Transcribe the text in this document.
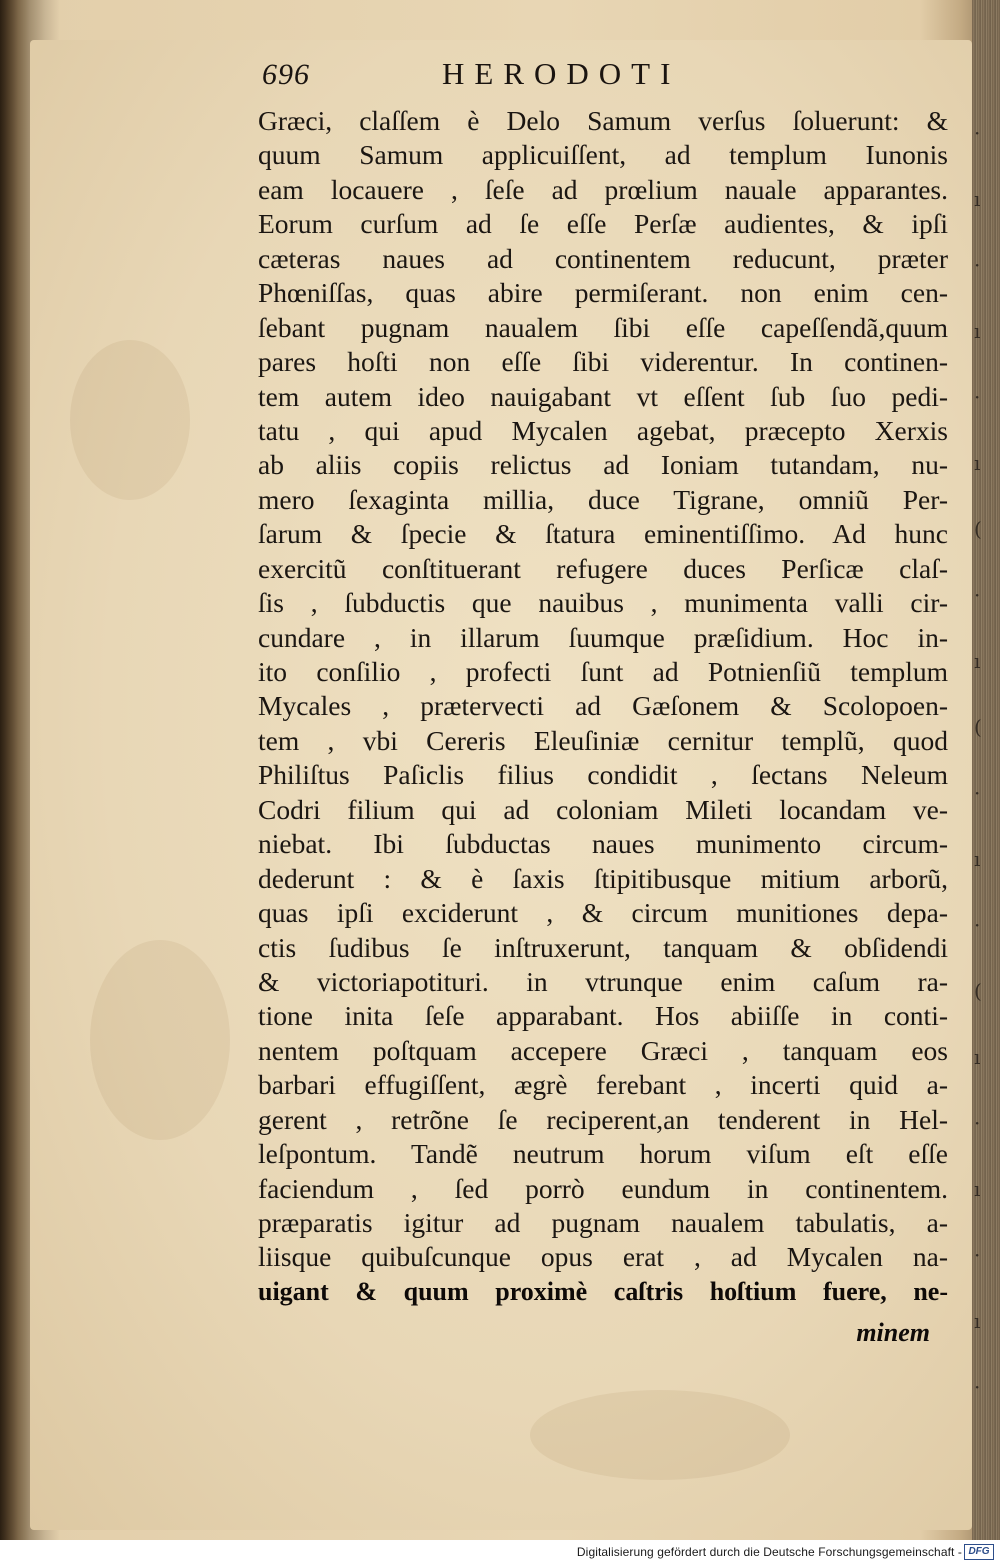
696	HERODOTI
Græci, claſſem è Delo Samum verſus ſoluerunt: &
quum Samum applicuiſſent, ad templum Iunonis
eam locauere , ſeſe ad prœlium nauale apparantes.
Eorum curſum ad ſe eſſe Perſæ audientes, & ipſi
cæteras naues ad continentem reducunt, præter
Phœniſſas, quas abire permiſerant. non enim cen-
ſebant pugnam naualem ſibi eſſe capeſſendã,quum
pares hoſti non eſſe ſibi viderentur. In continen-
tem autem ideo nauigabant vt eſſent ſub ſuo pedi-
tatu , qui apud Mycalen agebat, præcepto Xerxis
ab aliis copiis relictus ad Ioniam tutandam, nu-
mero ſexaginta millia, duce Tigrane, omniũ Per-
ſarum & ſpecie & ſtatura eminentiſſimo. Ad hunc
exercitũ conſtituerant refugere duces Perſicæ claſ-
ſis , ſubductis que nauibus , munimenta valli cir-
cundare , in illarum ſuumque præſidium. Hoc in-
ito conſilio , profecti ſunt ad Potnienſiũ templum
Mycales , prætervecti ad Gæſonem & Scolopoen-
tem , vbi Cereris Eleuſiniæ cernitur templũ, quod
Philiſtus Paſiclis filius condidit , ſectans Neleum
Codri filium qui ad coloniam Mileti locandam ve-
niebat. Ibi ſubductas naues munimento circum-
dederunt : & è ſaxis ſtipitibusque mitium arborũ,
quas ipſi exciderunt , & circum munitiones depa-
ctis ſudibus ſe inſtruxerunt, tanquam & obſidendi
& victoriapotituri. in vtrunque enim caſum ra-
tione inita ſeſe apparabant. Hos abiiſſe in conti-
nentem poſtquam accepere Græci , tanquam eos
barbari effugiſſent, ægrè ferebant , incerti quid a-
gerent , retrõne ſe reciperent,an tenderent in Hel-
leſpontum. Tandẽ neutrum horum viſum eſt eſſe
faciendum , ſed porrò eundum in continentem.
præparatis igitur ad pugnam naualem tabulatis, a-
liisque quibuſcunque opus erat , ad Mycalen na-
uigant & quum proximè caſtris hoſtium fuere, ne-
minem
·
ı
·
ı
·
ı
(
·
ı
(
·
ı
·
(
ı
·
ı
·
ı
·
Digitalisierung gefördert durch die Deutsche Forschungsgemeinschaft - DFG
